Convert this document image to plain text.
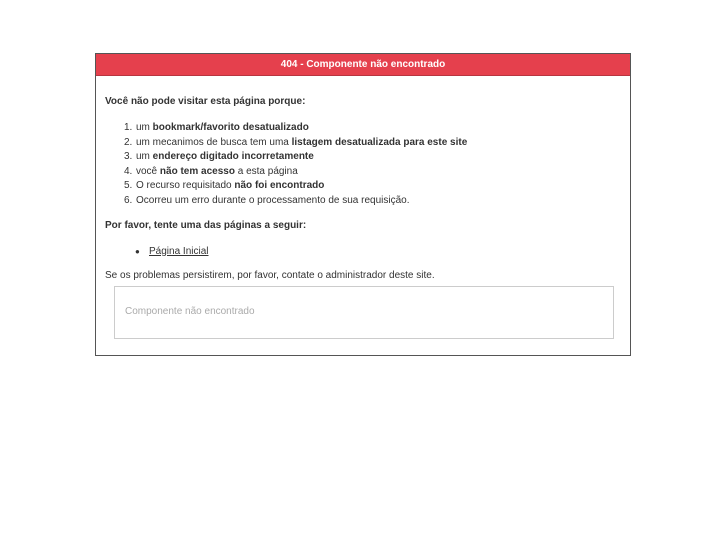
404 - Componente não encontrado
Você não pode visitar esta página porque:
1. um bookmark/favorito desatualizado
2. um mecanimos de busca tem uma listagem desatualizada para este site
3. um endereço digitado incorretamente
4. você não tem acesso a esta página
5. O recurso requisitado não foi encontrado
6. Ocorreu um erro durante o processamento de sua requisição.
Por favor, tente uma das páginas a seguir:
● Página Inicial
Se os problemas persistirem, por favor, contate o administrador deste site.
Componente não encontrado
